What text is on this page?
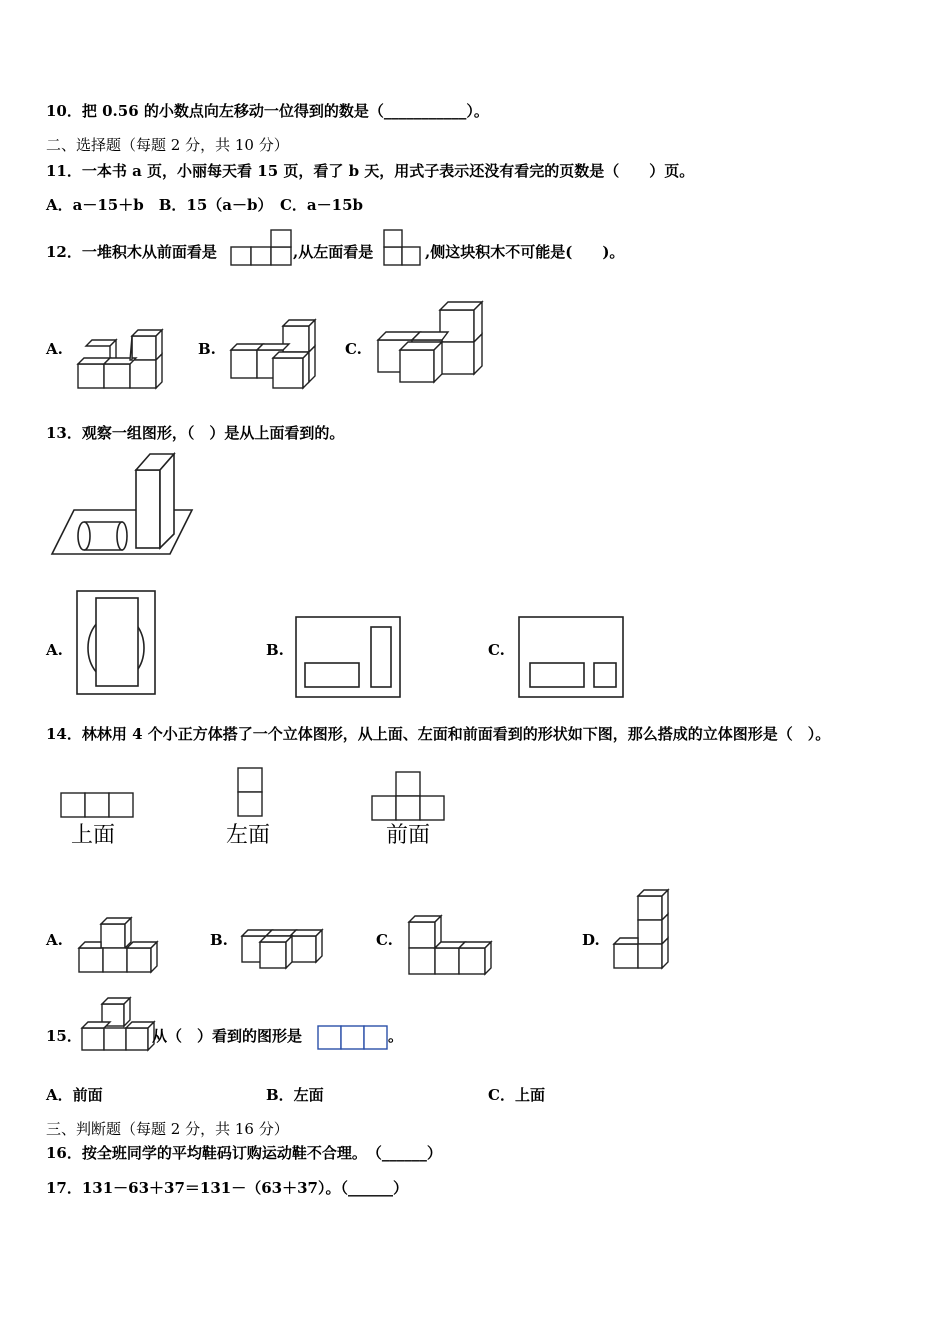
10．把 0.56 的小数点向左移动一位得到的数是（___________）。
二、选择题（每题 2 分，共 10 分）
11．一本书 a 页，小丽每天看 15 页，看了 b 天，用式子表示还没有看完的页数是（　　）页。
A．a－15＋b　B．15（a－b）　C．a－15b
12．一堆积木从前面看是	,从左面看是	,侧这块积木不可能是(　　)。
A.	B.	C.
13．观察一组图形，（　）是从上面看到的。
A.	B.	C.
14．林林用 4 个小正方体搭了一个立体图形，从上面、左面和前面看到的形状如下图，那么搭成的立体图形是（　）。
上面	左面	前面
A.	B.	C.	D.
15．	从（　）看到的图形是	。
A．前面	B．左面	C．上面
三、判断题（每题 2 分，共 16 分）
16．按全班同学的平均鞋码订购运动鞋不合理。　（______）
17．131－63＋37＝131－（63＋37）。（______）
